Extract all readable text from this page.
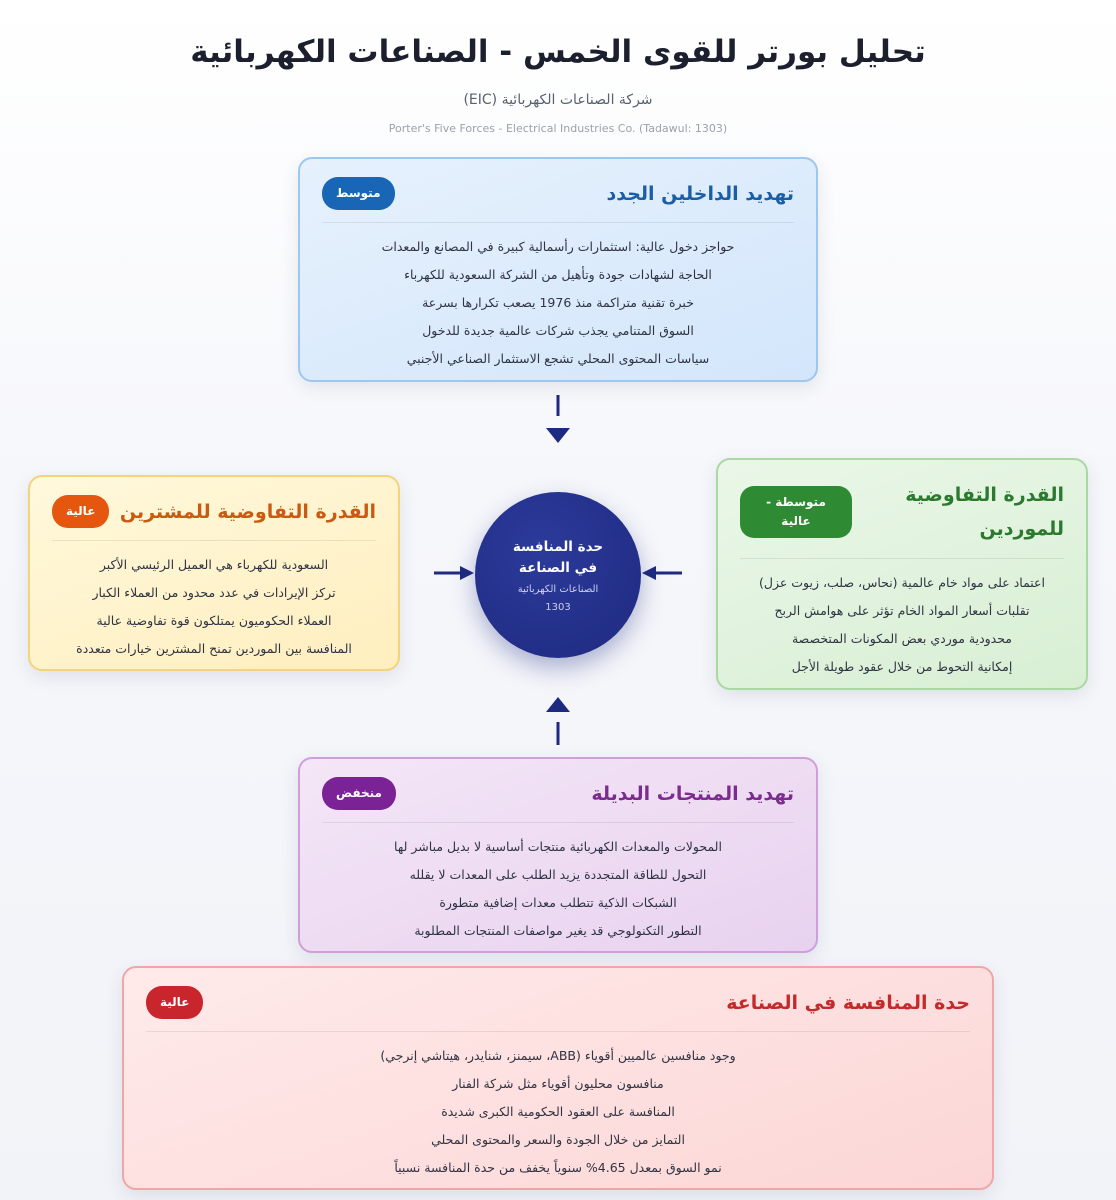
تحليل بورتر للقوى الخمس - الصناعات الكهربائية
شركة الصناعات الكهربائية (EIC)
Porter's Five Forces - Electrical Industries Co. (Tadawul: 1303)
تهديد الداخلين الجدد
متوسط
حواجز دخول عالية: استثمارات رأسمالية كبيرة في المصانع والمعدات
الحاجة لشهادات جودة وتأهيل من الشركة السعودية للكهرباء
خبرة تقنية متراكمة منذ 1976 يصعب تكرارها بسرعة
السوق المتنامي يجذب شركات عالمية جديدة للدخول
سياسات المحتوى المحلي تشجع الاستثمار الصناعي الأجنبي
القدرة التفاوضية للموردين
متوسطة - عالية
اعتماد على مواد خام عالمية (نحاس، صلب، زيوت عزل)
تقلبات أسعار المواد الخام تؤثر على هوامش الربح
محدودية موردي بعض المكونات المتخصصة
إمكانية التحوط من خلال عقود طويلة الأجل
القدرة التفاوضية للمشترين
عالية
السعودية للكهرباء هي العميل الرئيسي الأكبر
تركز الإيرادات في عدد محدود من العملاء الكبار
العملاء الحكوميون يمتلكون قوة تفاوضية عالية
المنافسة بين الموردين تمنح المشترين خيارات متعددة
حدة المنافسة في الصناعة
الصناعات الكهربائية
1303
تهديد المنتجات البديلة
منخفض
المحولات والمعدات الكهربائية منتجات أساسية لا بديل مباشر لها
التحول للطاقة المتجددة يزيد الطلب على المعدات لا يقلله
الشبكات الذكية تتطلب معدات إضافية متطورة
التطور التكنولوجي قد يغير مواصفات المنتجات المطلوبة
حدة المنافسة في الصناعة
عالية
وجود منافسين عالميين أقوياء (ABB، سيمنز، شنايدر، هيتاشي إنرجي)
منافسون محليون أقوياء مثل شركة الفنار
المنافسة على العقود الحكومية الكبرى شديدة
التمايز من خلال الجودة والسعر والمحتوى المحلي
نمو السوق بمعدل 4.65% سنوياً يخفف من حدة المنافسة نسبياً
